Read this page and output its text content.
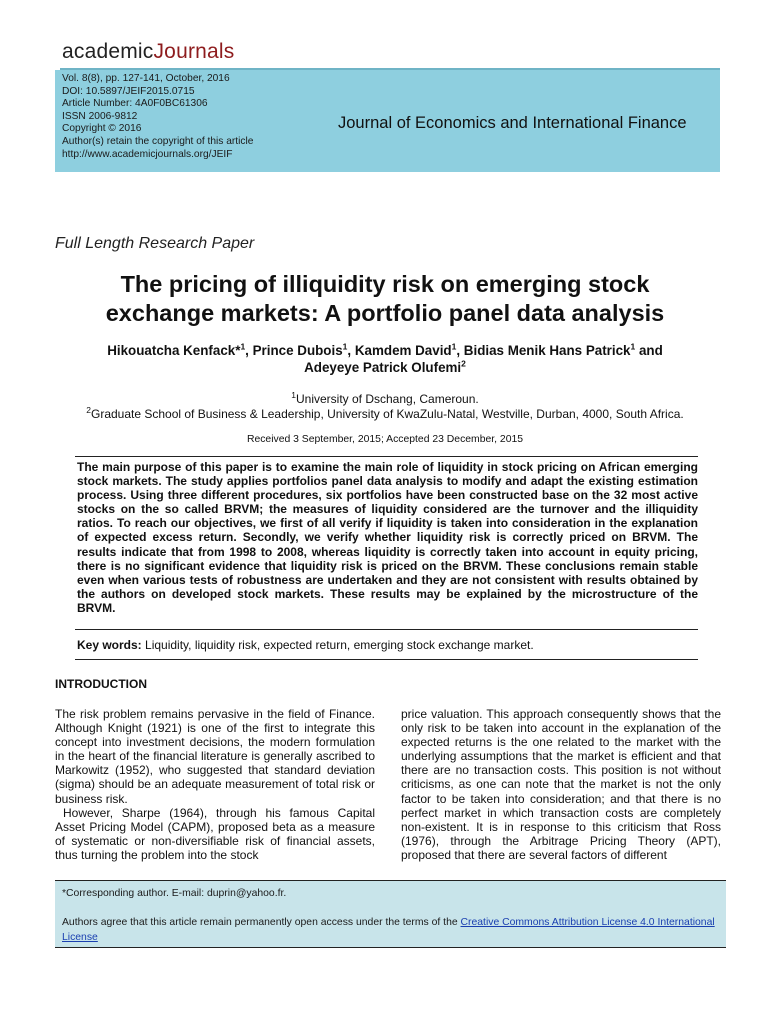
academicJournals
Vol. 8(8), pp. 127-141, October, 2016
DOI: 10.5897/JEIF2015.0715
Article Number: 4A0F0BC61306
ISSN 2006-9812
Copyright © 2016
Author(s) retain the copyright of this article
http://www.academicjournals.org/JEIF
Journal of Economics and International Finance
Full Length Research Paper
The pricing of illiquidity risk on emerging stock
exchange markets: A portfolio panel data analysis
Hikouatcha Kenfack*$^1$, Prince Dubois$^1$, Kamdem David$^1$, Bidias Menik Hans Patrick$^1$ and
Adeyeye Patrick Olufemi$^2$
$^1$University of Dschang, Cameroun.
$^2$Graduate School of Business & Leadership, University of KwaZulu-Natal, Westville, Durban, 4000, South Africa.
Received 3 September, 2015; Accepted 23 December, 2015
The main purpose of this paper is to examine the main role of liquidity in stock pricing on African emerging stock markets. The study applies portfolios panel data analysis to modify and adapt the existing estimation process. Using three different procedures, six portfolios have been constructed base on the 32 most active stocks on the so called BRVM; the measures of liquidity considered are the turnover and the illiquidity ratios. To reach our objectives, we first of all verify if liquidity is taken into consideration in the explanation of expected excess return. Secondly, we verify whether liquidity risk is correctly priced on BRVM. The results indicate that from 1998 to 2008, whereas liquidity is correctly taken into account in equity pricing, there is no significant evidence that liquidity risk is priced on the BRVM. These conclusions remain stable even when various tests of robustness are undertaken and they are not consistent with results obtained by the authors on developed stock markets. These results may be explained by the microstructure of the BRVM.
Key words: Liquidity, liquidity risk, expected return, emerging stock exchange market.
INTRODUCTION

The risk problem remains pervasive in the field of Finance. Although Knight (1921) is one of the first to integrate this concept into investment decisions, the modern formulation in the heart of the financial literature is generally ascribed to Markowitz (1952), who suggested that standard deviation (sigma) should be an adequate measurement of total risk or business risk.

However, Sharpe (1964), through his famous Capital Asset Pricing Model (CAPM), proposed beta as a measure of systematic or non-diversifiable risk of financial assets, thus turning the problem into the stock

price valuation. This approach consequently shows that the only risk to be taken into account in the explanation of the expected returns is the one related to the market with the underlying assumptions that the market is efficient and that there are no transaction costs. This position is not without criticisms, as one can note that the market is not the only factor to be taken into consideration; and that there is no perfect market in which transaction costs are completely non-existent. It is in response to this criticism that Ross (1976), through the Arbitrage Pricing Theory (APT), proposed that there are several factors of different

*Corresponding author. E-mail: duprin@yahoo.fr.
Authors agree that this article remain permanently open access under the terms of the Creative Commons Attribution License 4.0 International License
